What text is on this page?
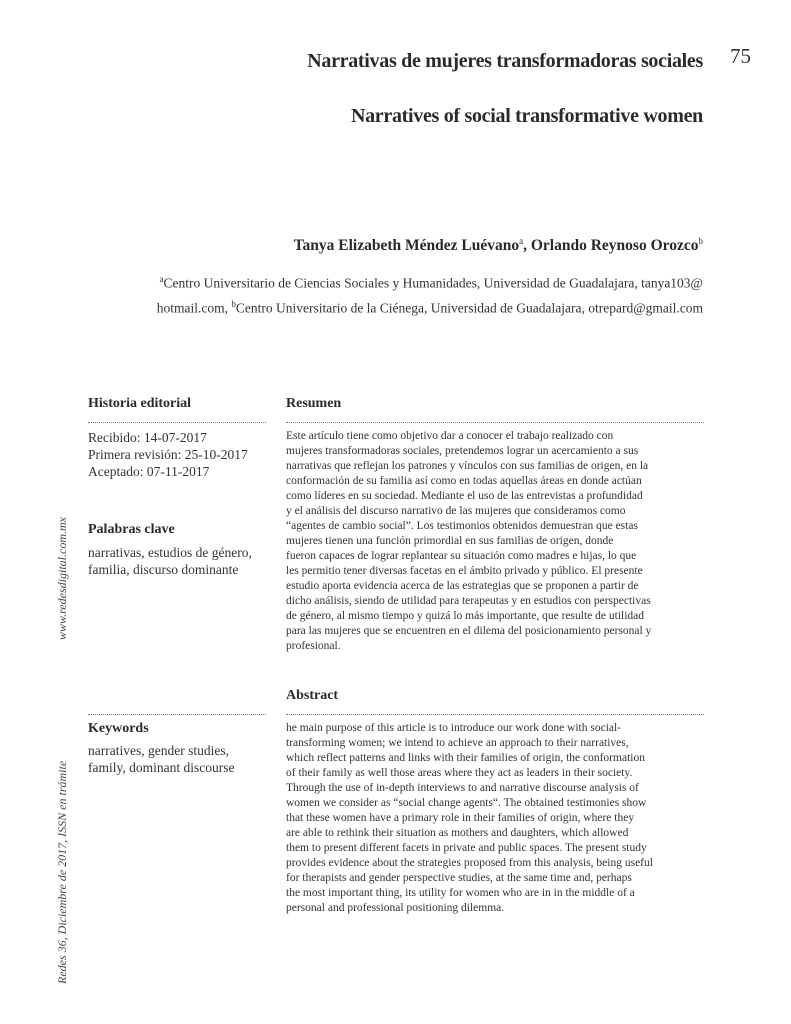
75
Narrativas de mujeres transformadoras sociales
Narratives of social transformative women
Tanya Elizabeth Méndez Luévano$^a$, Orlando Reynoso Orozco$^b$
$^a$Centro Universitario de Ciencias Sociales y Humanidades, Universidad de Guadalajara, tanya103@
hotmail.com, $^b$Centro Universitario de la Ciénega, Universidad de Guadalajara, otrepard@gmail.com
www.redesdigital.com.mx
Redes 36, Diciembre de 2017, ISSN en trámite
Historia editorial
Recibido: 14-07-2017
Primera revisión: 25-10-2017
Aceptado: 07-11-2017
Palabras clave
narrativas, estudios de género,
familia, discurso dominante
Keywords
narratives, gender studies,
family, dominant discourse
Resumen
Este artículo tiene como objetivo dar a conocer el trabajo realizado con
mujeres transformadoras sociales, pretendemos lograr un acercamiento a sus
narrativas que reflejan los patrones y vínculos con sus familias de origen, en la
conformación de su familia así como en todas aquellas áreas en donde actúan
como líderes en su sociedad. Mediante el uso de las entrevistas a profundidad
y el análisis del discurso narrativo de las mujeres que consideramos como
“agentes de cambio social”. Los testimonios obtenidos demuestran que estas
mujeres tienen una función primordial en sus familias de origen, donde
fueron capaces de lograr replantear su situación como madres e hijas, lo que
les permitio tener diversas facetas en el ámbito privado y público. El presente
estudio aporta evidencia acerca de las estrategias que se proponen a partir de
dicho análisis, siendo de utilidad para terapeutas y en estudios con perspectivas
de género, al mismo tiempo y quizá lo más importante, que resulte de utilidad
para las mujeres que se encuentren en el dilema del posicionamiento personal y
profesional.
Abstract
he main purpose of this article is to introduce our work done with social-
transforming women; we intend to achieve an approach to their narratives,
which reflect patterns and links with their families of origin, the conformation
of their family as well those areas where they act as leaders in their society.
Through the use of in-depth interviews to and narrative discourse analysis of
women we consider as “social change agents“. The obtained testimonies show
that these women have a primary role in their families of origin, where they
are able to rethink their situation as mothers and daughters, which allowed
them to present different facets in private and public spaces. The present study
provides evidence about the strategies proposed from this analysis, being useful
for therapists and gender perspective studies, at the same time and, perhaps
the most important thing, its utility for women who are in in the middle of a
personal and professional positioning dilemma.
